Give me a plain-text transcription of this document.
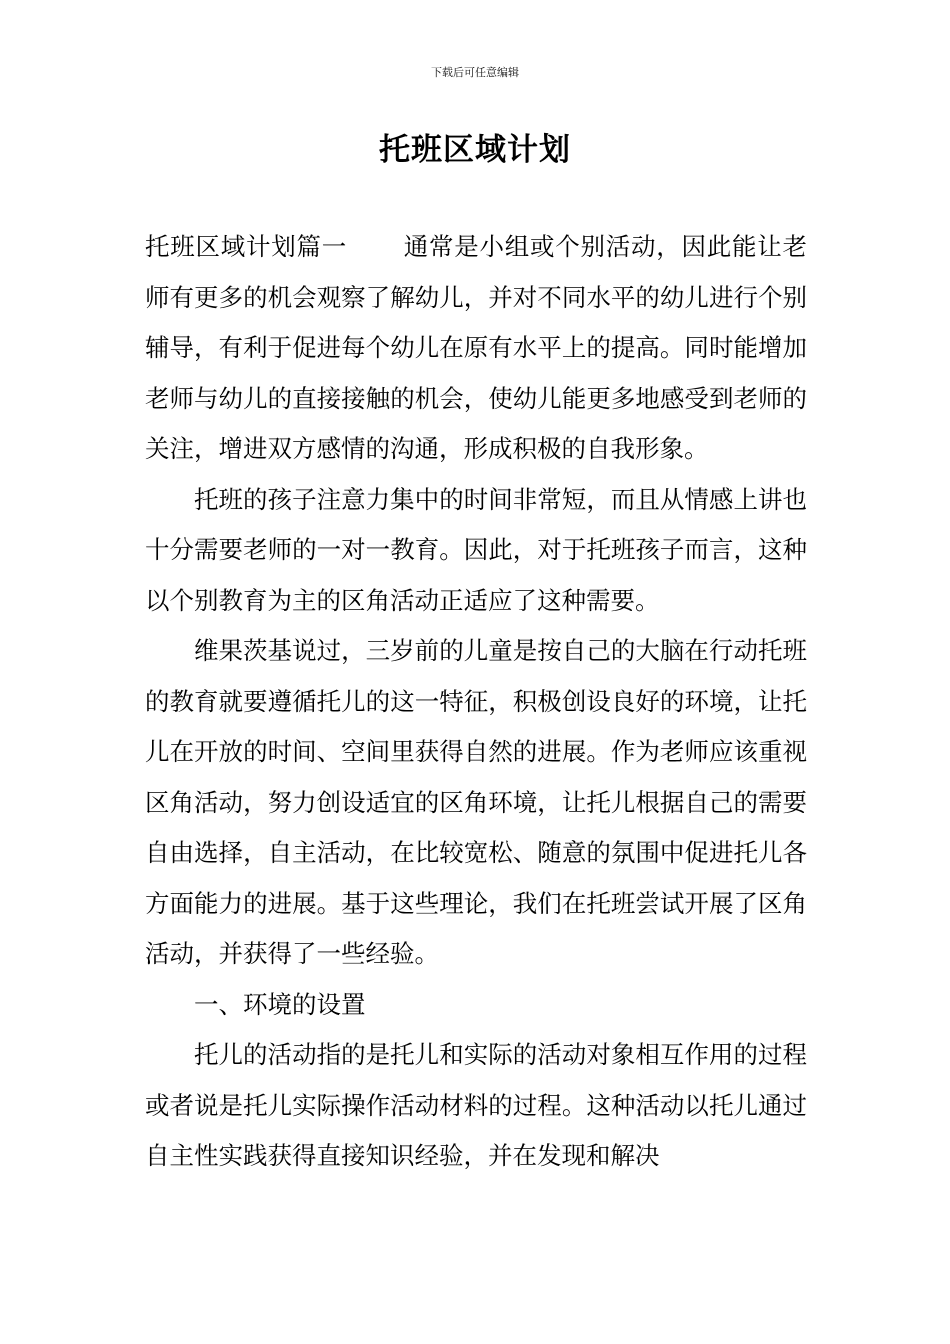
下载后可任意编辑
托班区域计划

托班区域计划篇一 通常是小组或个别活动，因此能让老师有更多的机会观察了解幼儿，并对不同水平的幼儿进行个别辅导，有利于促进每个幼儿在原有水平上的提高。同时能增加老师与幼儿的直接接触的机会，使幼儿能更多地感受到老师的关注，增进双方感情的沟通，形成积极的自我形象。

托班的孩子注意力集中的时间非常短，而且从情感上讲也十分需要老师的一对一教育。因此，对于托班孩子而言，这种以个别教育为主的区角活动正适应了这种需要。

维果茨基说过，三岁前的儿童是按自己的大脑在行动托班的教育就要遵循托儿的这一特征，积极创设良好的环境，让托儿在开放的时间、空间里获得自然的进展。作为老师应该重视区角活动，努力创设适宜的区角环境，让托儿根据自己的需要自由选择，自主活动，在比较宽松、随意的氛围中促进托儿各方面能力的进展。基于这些理论，我们在托班尝试开展了区角活动，并获得了一些经验。

一、环境的设置

托儿的活动指的是托儿和实际的活动对象相互作用的过程或者说是托儿实际操作活动材料的过程。这种活动以托儿通过自主性实践获得直接知识经验，并在发现和解决
